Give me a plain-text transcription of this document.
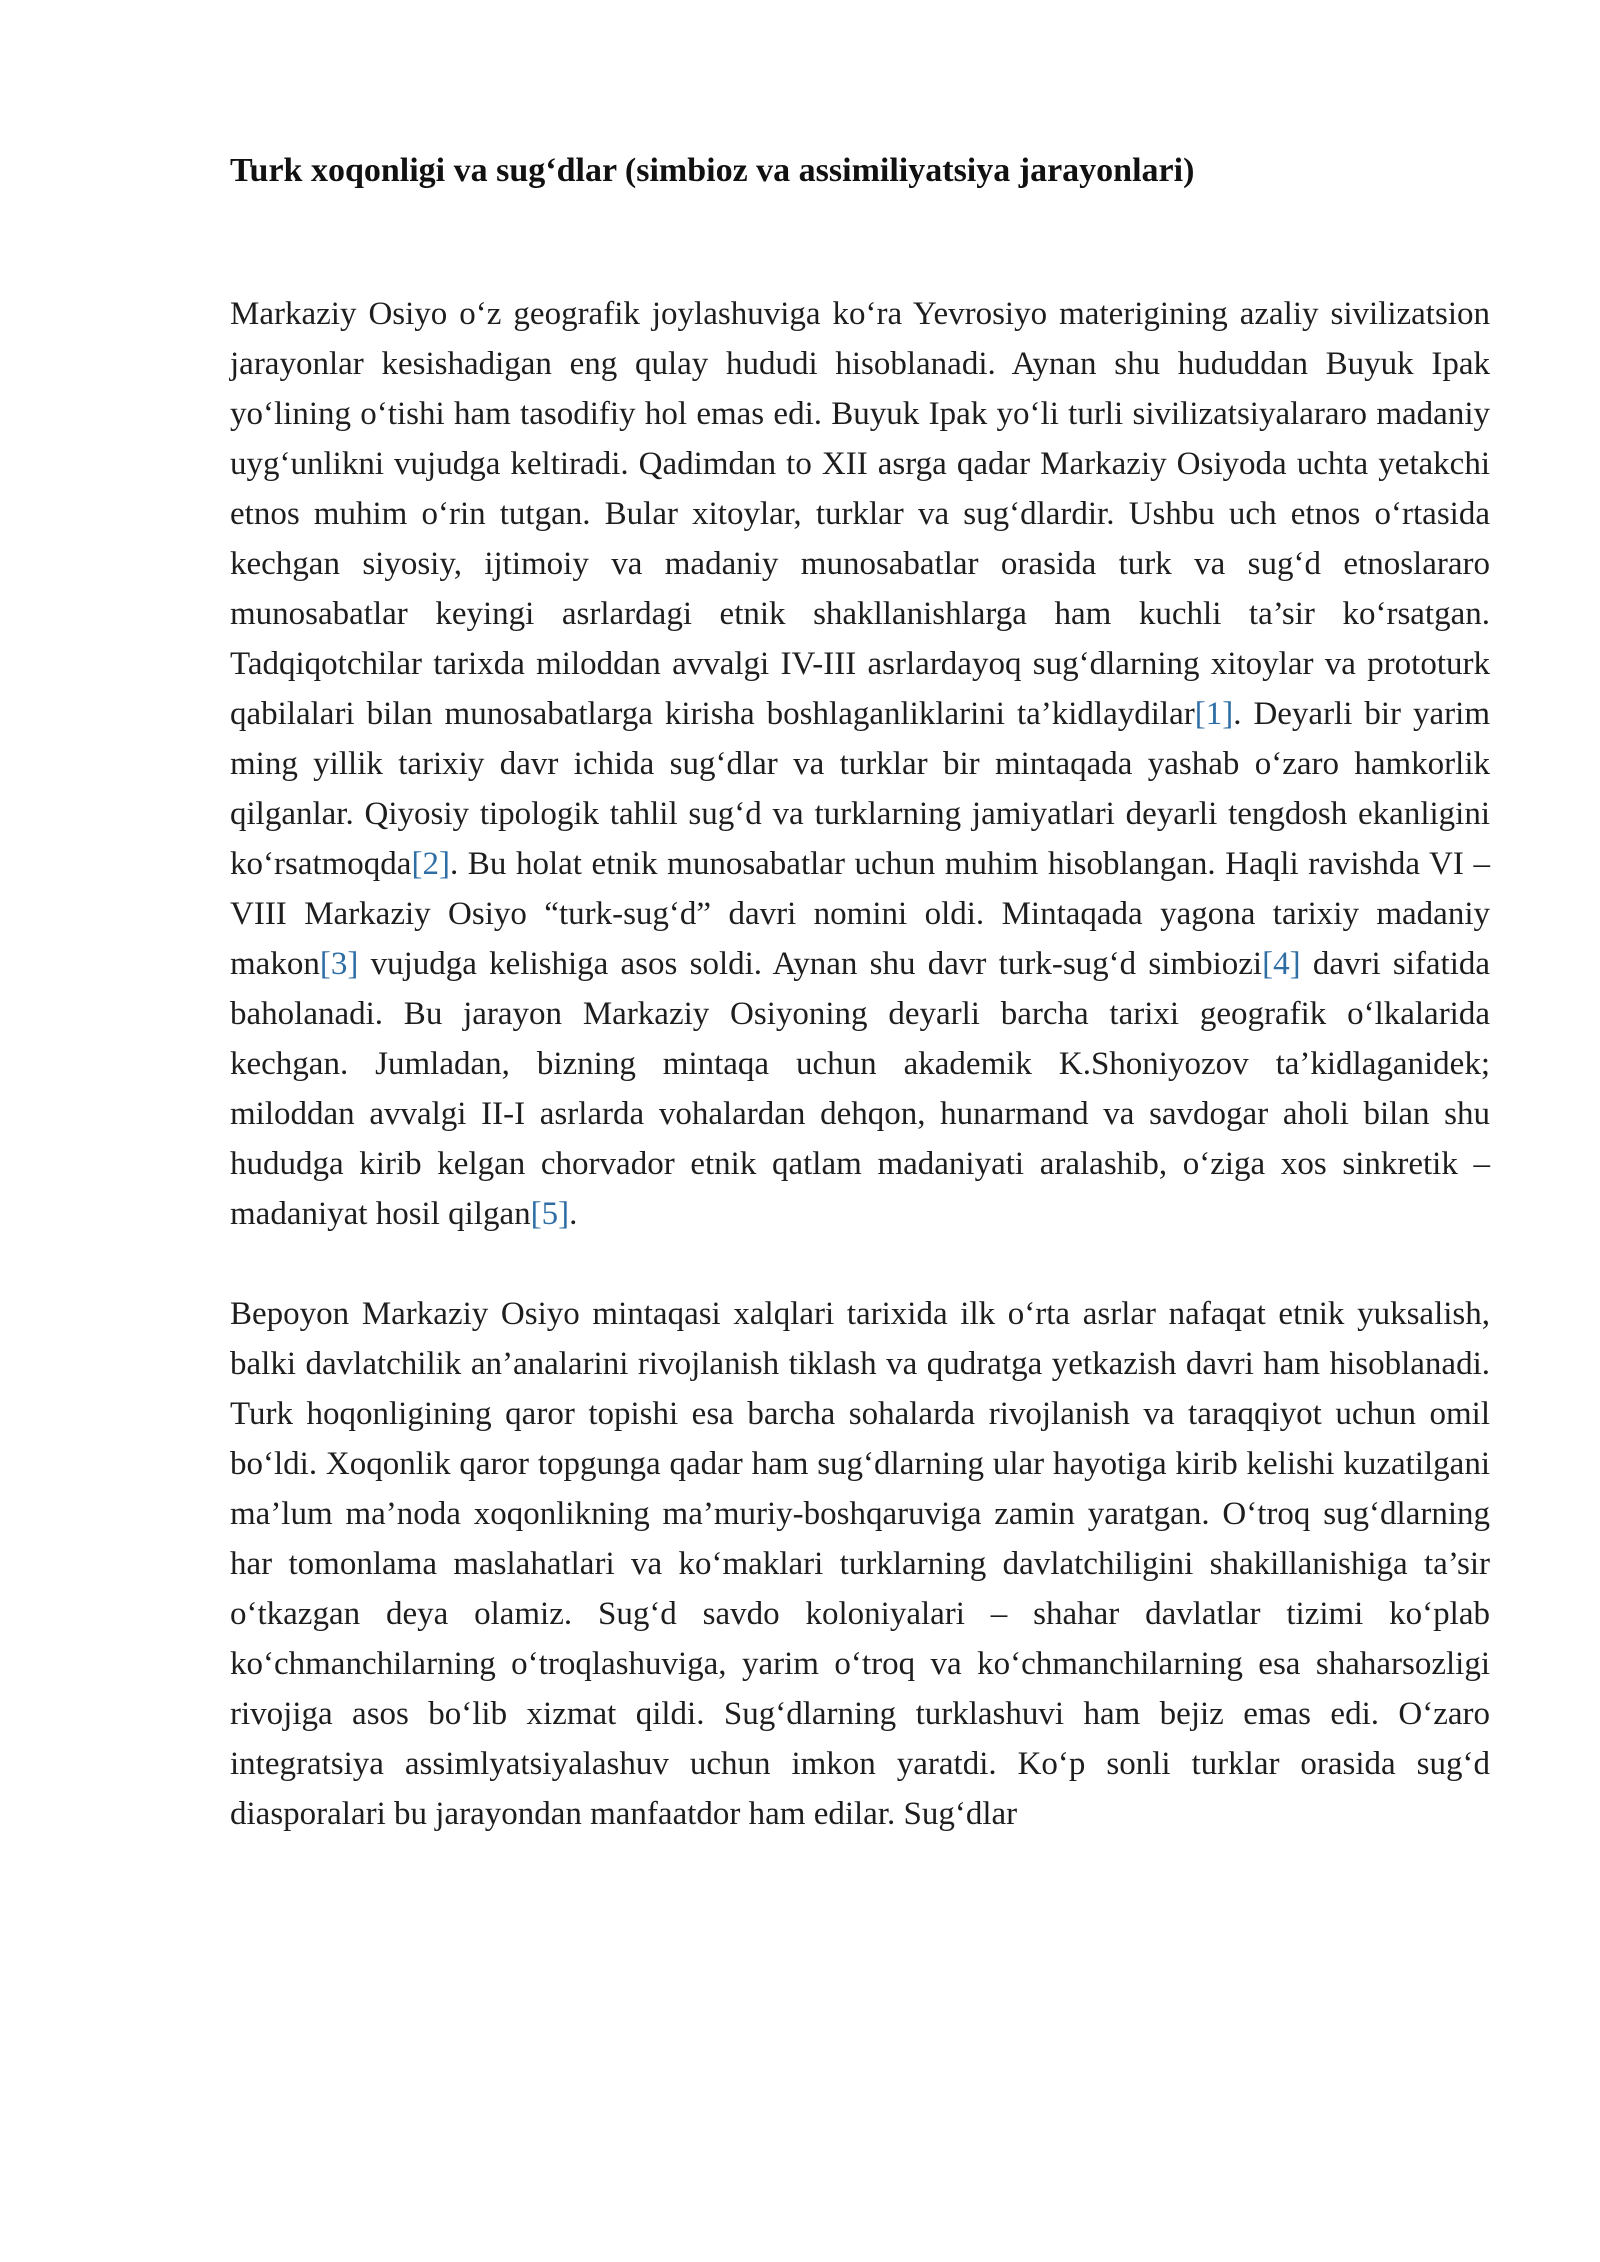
Turk xoqonligi va sug‘dlar (simbioz va assimiliyatsiya jarayonlari)

Markaziy Osiyo o‘z geografik joylashuviga ko‘ra Yevrosiyo materigining azaliy sivilizatsion jarayonlar kesishadigan eng qulay hududi hisoblanadi. Aynan shu hududdan Buyuk Ipak yo‘lining o‘tishi ham tasodifiy hol emas edi. Buyuk Ipak yo‘li turli sivilizatsiyalararo madaniy uyg‘unlikni vujudga keltiradi. Qadimdan to XII asrga qadar Markaziy Osiyoda uchta yetakchi etnos muhim o‘rin tutgan. Bular xitoylar, turklar va sug‘dlardir. Ushbu uch etnos o‘rtasida kechgan siyosiy, ijtimoiy va madaniy munosabatlar orasida turk va sug‘d etnoslararo munosabatlar keyingi asrlardagi etnik shakllanishlarga ham kuchli ta’sir ko‘rsatgan. Tadqiqotchilar tarixda miloddan avvalgi IV-III asrlardayoq sug‘dlarning xitoylar va prototurk qabilalari bilan munosabatlarga kirisha boshlaganliklarini ta’kidlaydilar[1]. Deyarli bir yarim ming yillik tarixiy davr ichida sug‘dlar va turklar bir mintaqada yashab o‘zaro hamkorlik qilganlar. Qiyosiy tipologik tahlil sug‘d va turklarning jamiyatlari deyarli tengdosh ekanligini ko‘rsatmoqda[2]. Bu holat etnik munosabatlar uchun muhim hisoblangan. Haqli ravishda VI – VIII Markaziy Osiyo “turk-sug‘d” davri nomini oldi. Mintaqada yagona tarixiy madaniy makon[3] vujudga kelishiga asos soldi. Aynan shu davr turk-sug‘d simbiozi[4] davri sifatida baholanadi. Bu jarayon Markaziy Osiyoning deyarli barcha tarixi geografik o‘lkalarida kechgan. Jumladan, bizning mintaqa uchun akademik K.Shoniyozov ta’kidlaganidek; miloddan avvalgi II-I asrlarda vohalardan dehqon, hunarmand va savdogar aholi bilan shu hududga kirib kelgan chorvador etnik qatlam madaniyati aralashib, o‘ziga xos sinkretik – madaniyat hosil qilgan[5].

Bepoyon Markaziy Osiyo mintaqasi xalqlari tarixida ilk o‘rta asrlar nafaqat etnik yuksalish, balki davlatchilik an’analarini rivojlanish tiklash va qudratga yetkazish davri ham hisoblanadi. Turk hoqonligining qaror topishi esa barcha sohalarda rivojlanish va taraqqiyot uchun omil bo‘ldi. Xoqonlik qaror topgunga qadar ham sug‘dlarning ular hayotiga kirib kelishi kuzatilgani ma’lum ma’noda xoqonlikning ma’muriy-boshqaruviga zamin yaratgan. O‘troq sug‘dlarning har tomonlama maslahatlari va ko‘maklari turklarning davlatchiligini shakillanishiga ta’sir o‘tkazgan deya olamiz. Sug‘d savdo koloniyalari – shahar davlatlar tizimi ko‘plab ko‘chmanchilarning o‘troqlashuviga, yarim o‘troq va ko‘chmanchilarning esa shaharsozligi rivojiga asos bo‘lib xizmat qildi. Sug‘dlarning turklashuvi ham bejiz emas edi. O‘zaro integratsiya assimlyatsiyalashuv uchun imkon yaratdi. Ko‘p sonli turklar orasida sug‘d diasporalari bu jarayondan manfaatdor ham edilar. Sug‘dlar
